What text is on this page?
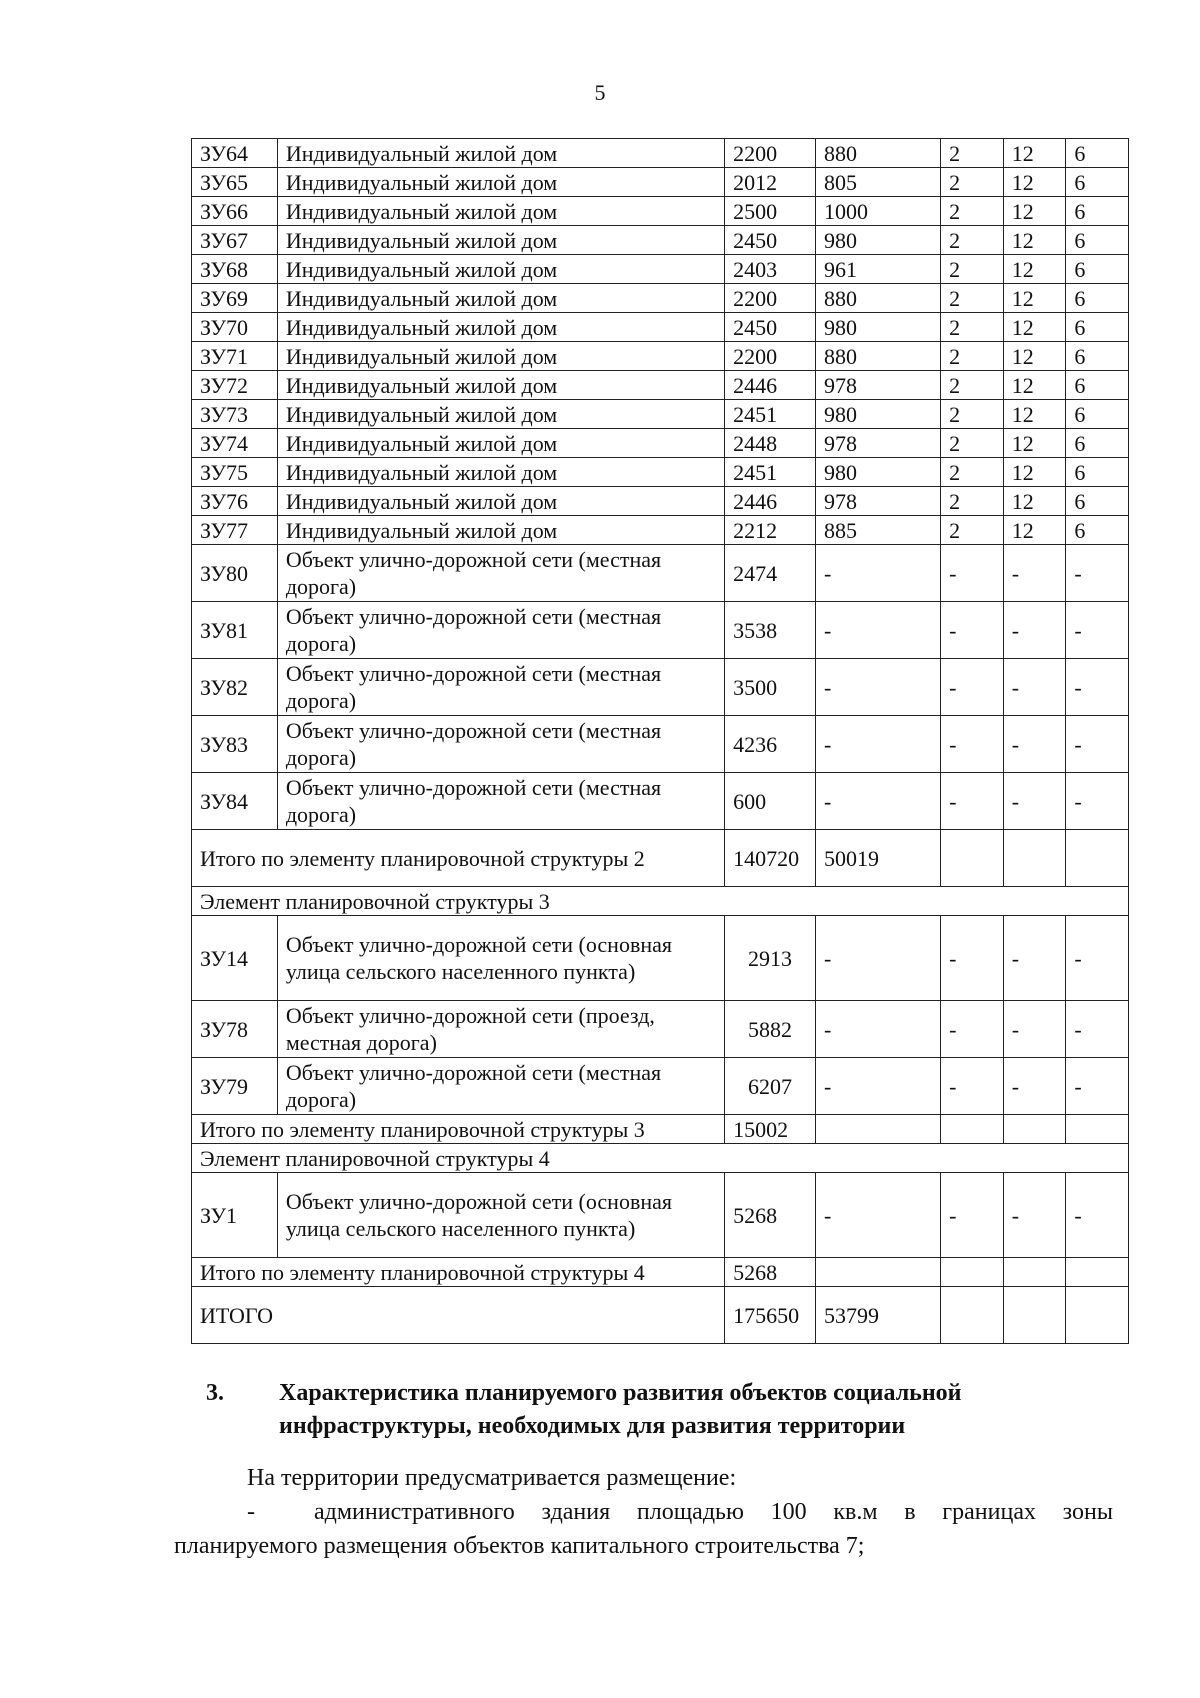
5
ЗУ64	Индивидуальный жилой дом	2200	880	2	12	6
ЗУ65	Индивидуальный жилой дом	2012	805	2	12	6
ЗУ66	Индивидуальный жилой дом	2500	1000	2	12	6
ЗУ67	Индивидуальный жилой дом	2450	980	2	12	6
ЗУ68	Индивидуальный жилой дом	2403	961	2	12	6
ЗУ69	Индивидуальный жилой дом	2200	880	2	12	6
ЗУ70	Индивидуальный жилой дом	2450	980	2	12	6
ЗУ71	Индивидуальный жилой дом	2200	880	2	12	6
ЗУ72	Индивидуальный жилой дом	2446	978	2	12	6
ЗУ73	Индивидуальный жилой дом	2451	980	2	12	6
ЗУ74	Индивидуальный жилой дом	2448	978	2	12	6
ЗУ75	Индивидуальный жилой дом	2451	980	2	12	6
ЗУ76	Индивидуальный жилой дом	2446	978	2	12	6
ЗУ77	Индивидуальный жилой дом	2212	885	2	12	6
ЗУ80	Объект улично-дорожной сети (местная дорога)	2474	-	-	-	-
ЗУ81	Объект улично-дорожной сети (местная дорога)	3538	-	-	-	-
ЗУ82	Объект улично-дорожной сети (местная дорога)	3500	-	-	-	-
ЗУ83	Объект улично-дорожной сети (местная дорога)	4236	-	-	-	-
ЗУ84	Объект улично-дорожной сети (местная дорога)	600	-	-	-	-
Итого по элементу планировочной структуры 2		140720	50019			
Элемент планировочной структуры 3						
ЗУ14	Объект улично-дорожной сети (основная улица сельского населенного пункта)	2913	-	-	-	-
ЗУ78	Объект улично-дорожной сети (проезд, местная дорога)	5882	-	-	-	-
ЗУ79	Объект улично-дорожной сети (местная дорога)	6207	-	-	-	-
Итого по элементу планировочной структуры 3		15002				
Элемент планировочной структуры 4						
ЗУ1	Объект улично-дорожной сети (основная улица сельского населенного пункта)	5268	-	-	-	-
Итого по элементу планировочной структуры 4		5268				
ИТОГО		175650	53799			
3. Характеристика планируемого развития объектов социальной инфраструктуры, необходимых для развития территории
На территории предусматривается размещение:
- административного здания площадью 100 кв.м в границах зоны
планируемого размещения объектов капитального строительства 7;
